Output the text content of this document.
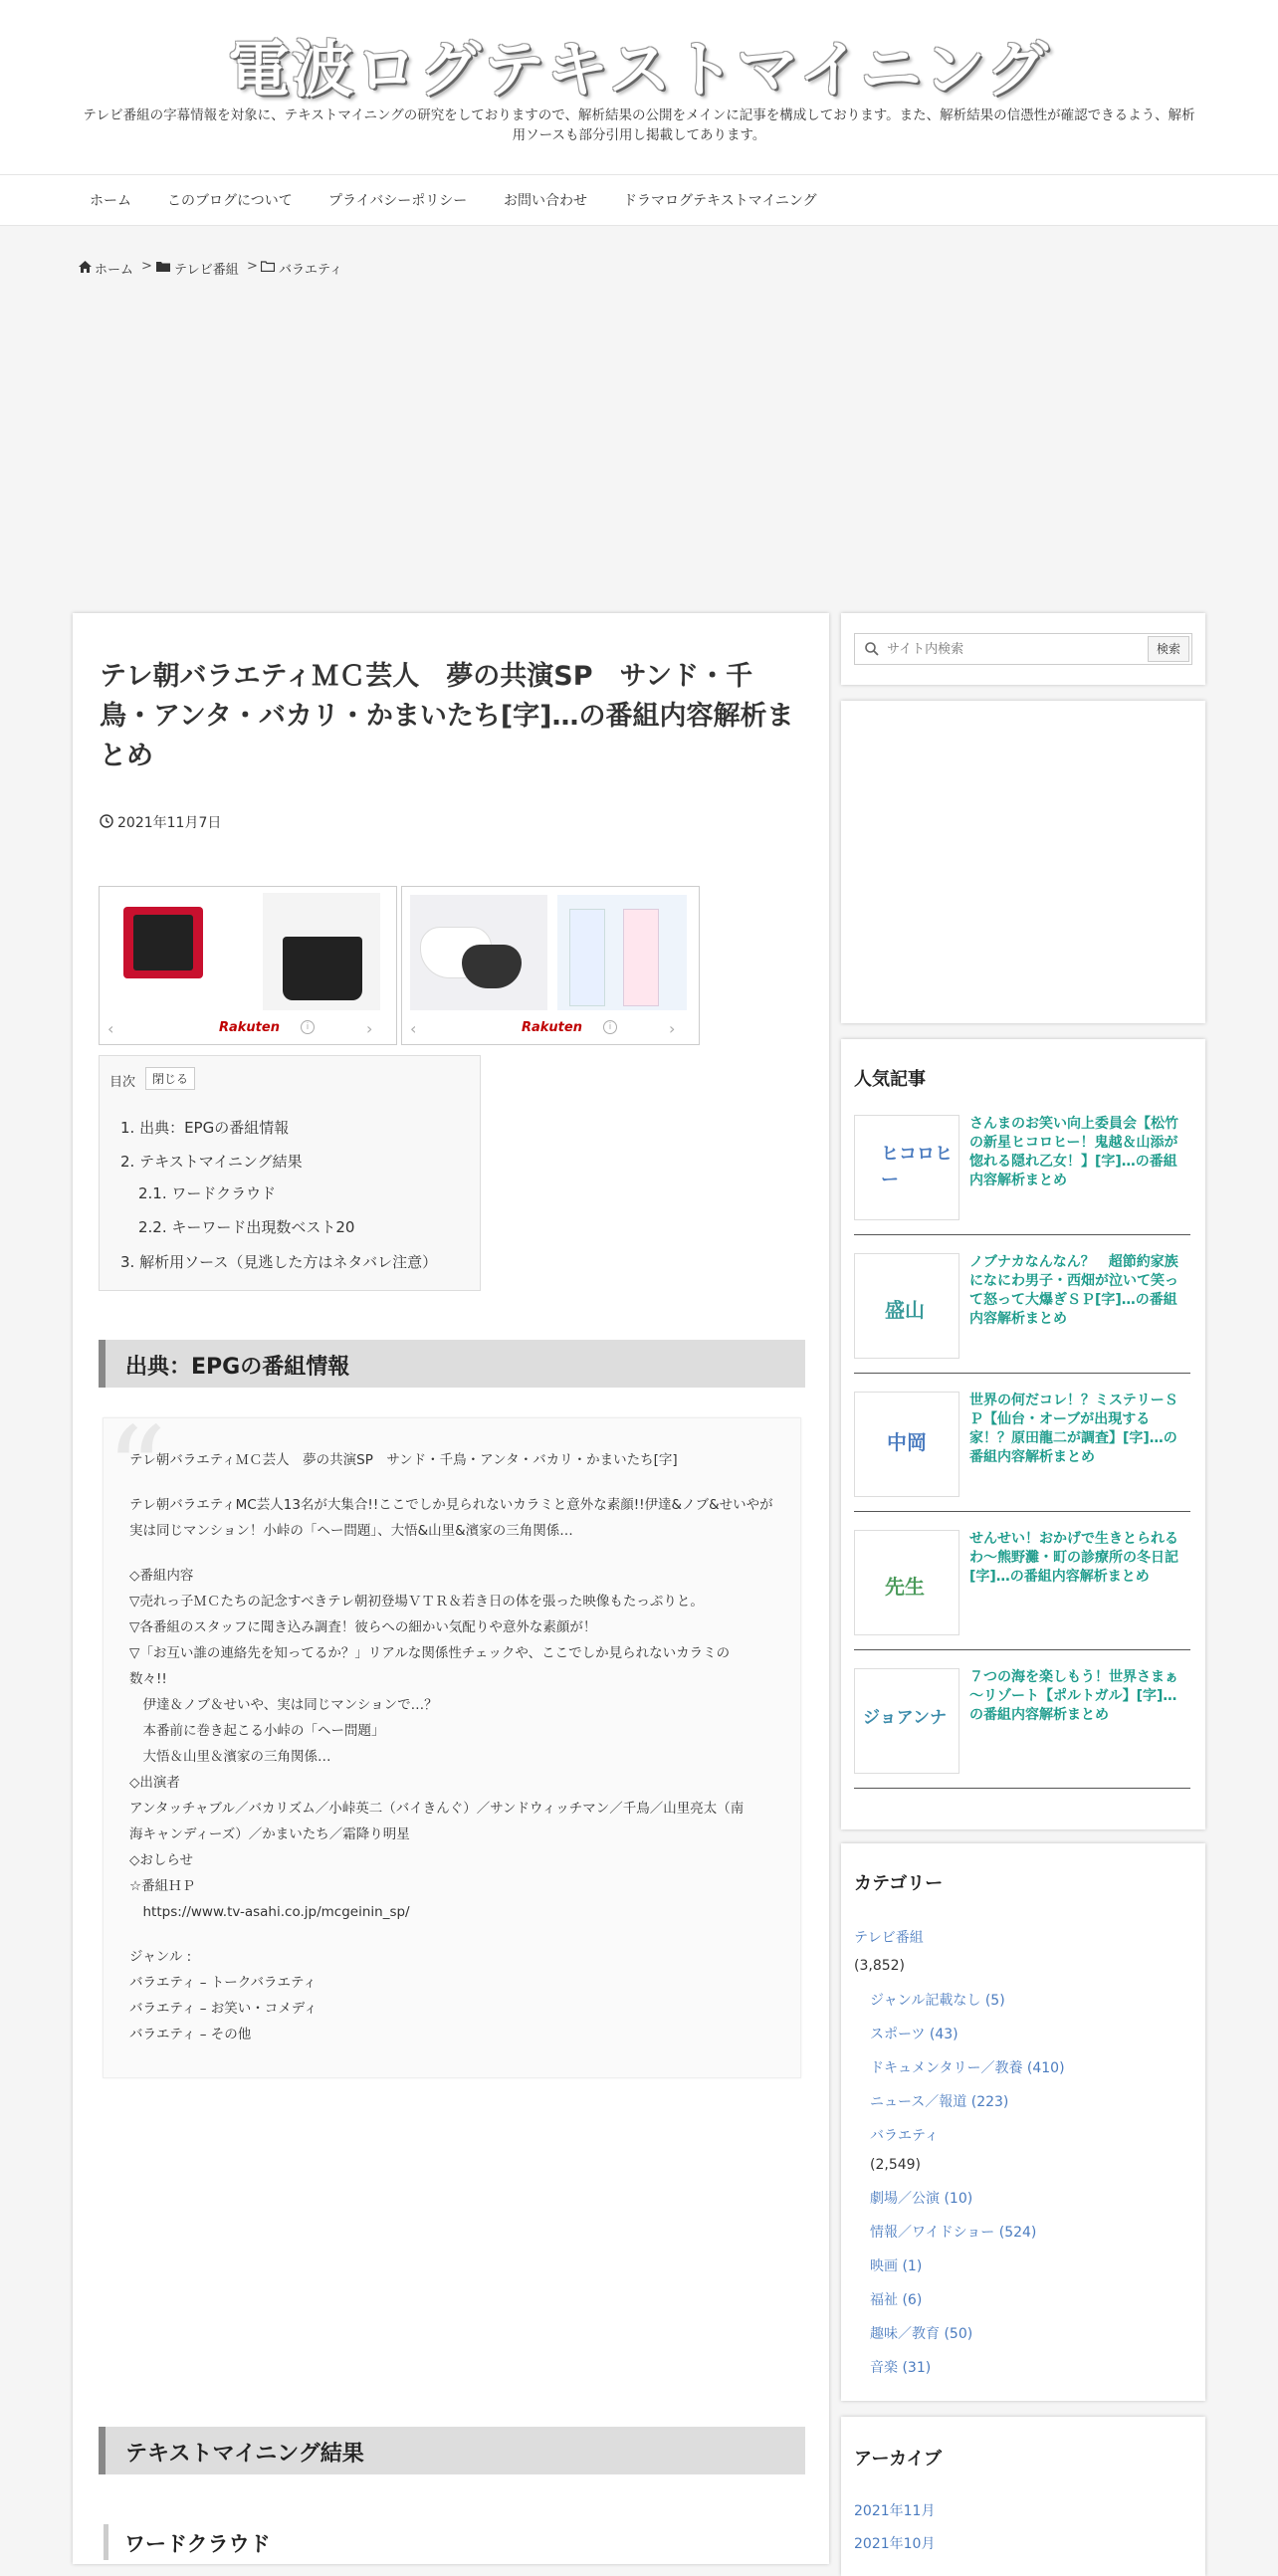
電波ログテキストマイニング
テレビ番組の字幕情報を対象に、テキストマイニングの研究をしておりますので、解析結果の公開をメインに記事を構成しております。また、解析結果の信憑性が確認できるよう、解析用ソースも部分引用し掲載してあります。
ホーム	このブログについて	プライバシーポリシー	お問い合わせ	ドラマログテキストマイニング
ホーム > テレビ番組 > バラエティ
テレ朝バラエティＭＣ芸人　夢の共演SP　サンド・千鳥・アンタ・バカリ・かまいたち[字]…の番組内容解析まとめ
2021年11月7日
‹	Rakuten	i	› ‹	Rakuten	i	›
目次	閉じる
1. 出典：EPGの番組情報
2. テキストマイニング結果
2.1. ワードクラウド
2.2. キーワード出現数ベスト20
3. 解析用ソース（見逃した方はネタバレ注意）
出典：EPGの番組情報
“
テレ朝バラエティＭＣ芸人　夢の共演SP　サンド・千鳥・アンタ・バカリ・かまいたち[字]
テレ朝バラエティMC芸人13名が大集合!!ここでしか見られないカラミと意外な素顔!!伊達&ノブ&せいやが
実は同じマンション！小峠の「ヘー問題」、大悟&山里&濱家の三角関係…
◇番組内容
▽売れっ子ＭＣたちの記念すべきテレ朝初登場ＶＴＲ＆若き日の体を張った映像もたっぷりと。
▽各番組のスタッフに聞き込み調査！彼らへの細かい気配りや意外な素顔が！
▽「お互い誰の連絡先を知ってるか？」リアルな関係性チェックや、ここでしか見られないカラミの
数々!!
　伊達＆ノブ＆せいや、実は同じマンションで…？
　本番前に巻き起こる小峠の「ヘー問題」
　大悟＆山里＆濱家の三角関係…
◇出演者
アンタッチャブル／バカリズム／小峠英二（バイきんぐ）／サンドウィッチマン／千鳥／山里亮太（南
海キャンディーズ）／かまいたち／霜降り明星
◇おしらせ
☆番組ＨＰ
　https://www.tv-asahi.co.jp/mcgeinin_sp/
ジャンル :
バラエティ – トークバラエティ
バラエティ – お笑い・コメディ
バラエティ – その他
テキストマイニング結果
ワードクラウド
サイト内検索
検索
人気記事
ヒコロヒー
さんまのお笑い向上委員会【松竹の新星ヒコロヒー！鬼越＆山添が惚れる隠れ乙女！】[字]…の番組内容解析まとめ
盛山
ノブナカなんなん？　超節約家族になにわ男子・西畑が泣いて笑って怒って大爆ぎＳＰ[字]…の番組内容解析まとめ
中岡
世界の何だコレ！？ミステリーＳＰ【仙台・オーブが出現する家！？原田龍二が調査】[字]…の番組内容解析まとめ
先生
せんせい！おかげで生きとられるわ～熊野灘・町の診療所の冬日記[字]…の番組内容解析まとめ
ジョアンナ
７つの海を楽しもう！世界さまぁ～リゾート【ポルトガル】[字]…の番組内容解析まとめ
カテゴリー
テレビ番組
(3,852)
ジャンル記載なし (5)
スポーツ (43)
ドキュメンタリー／教養 (410)
ニュース／報道 (223)
バラエティ
(2,549)
劇場／公演 (10)
情報／ワイドショー (524)
映画 (1)
福祉 (6)
趣味／教育 (50)
音楽 (31)
アーカイブ
2021年11月
2021年10月
